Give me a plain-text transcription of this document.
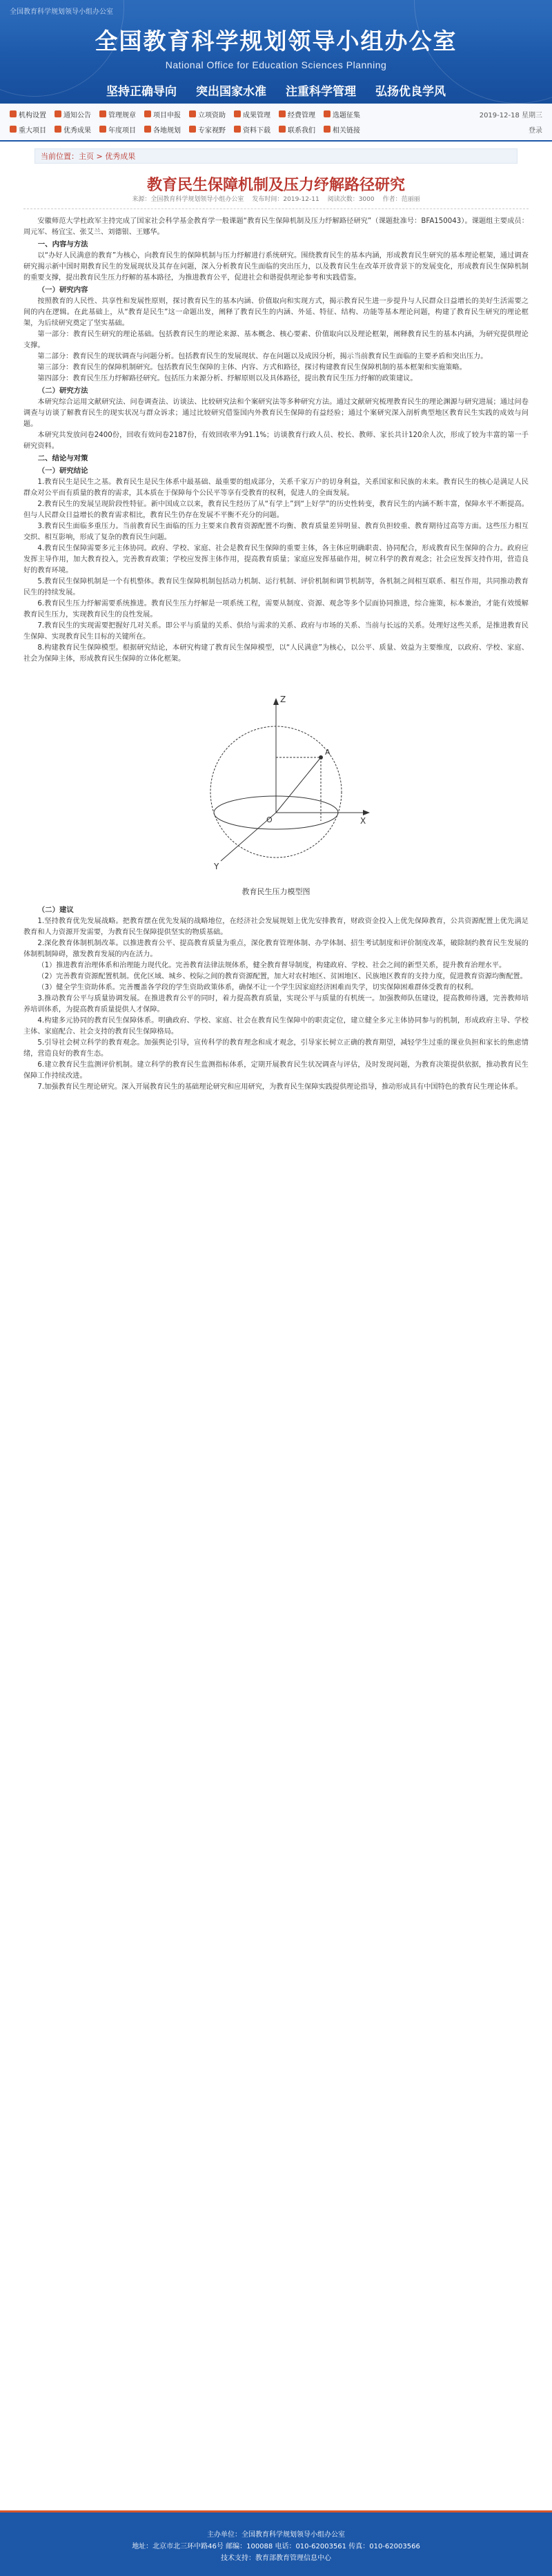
全国教育科学规划领导小组办公室
全国教育科学规划领导小组办公室
National Office for Education Sciences Planning
坚持正确导向 突出国家水准 注重科学管理 弘扬优良学风
机构设置	通知公告	管理规章	项目申报	立项资助	成果管理	经费管理	选题征集	2019-12-18 星期三
重大项目	优秀成果	年度项目	各地规划	专家视野	资料下载	联系我们	相关链接	登录
当前位置：主页 > 优秀成果
教育民生保障机制及压力纾解路径研究
来源：全国教育科学规划领导小组办公室 发布时间：2019-12-11 阅读次数：3000 作者：范丽丽
安徽师范大学杜政军主持完成了国家社会科学基金教育学一般课题“教育民生保障机制及压力纾解路径研究”（课题批准号：BFA150043）。课题组主要成员：周元军、杨宜宝、张艾兰、刘德银、王娜华。
一、内容与方法
以“办好人民满意的教育”为核心，向教育民生的保障机制与压力纾解进行系统研究。围绕教育民生的基本内涵，形成教育民生研究的基本理论框架，通过调查研究揭示新中国时期教育民生的发展现状及其存在问题，深入分析教育民生面临的突出压力，以及教育民生在改革开放背景下的发展变化，形成教育民生保障机制的重要支撑，提出教育民生压力纾解的基本路径，为推进教育公平，促进社会和谐提供理论参考和实践借鉴。
（一）研究内容
按照教育的人民性、共享性和发展性原则，探讨教育民生的基本内涵、价值取向和实现方式，揭示教育民生进一步提升与人民群众日益增长的美好生活需要之间的内在逻辑。在此基础上，从“教育是民生”这一命题出发，阐释了教育民生的内涵、外延、特征、结构、功能等基本理论问题，构建了教育民生研究的理论框架，为后续研究奠定了坚实基础。
第一部分：教育民生研究的理论基础。包括教育民生的理论来源、基本概念、核心要素、价值取向以及理论框架，阐释教育民生的基本内涵，为研究提供理论支撑。
第二部分：教育民生的现状调查与问题分析。包括教育民生的发展现状、存在问题以及成因分析，揭示当前教育民生面临的主要矛盾和突出压力。
第三部分：教育民生的保障机制研究。包括教育民生保障的主体、内容、方式和路径，探讨构建教育民生保障机制的基本框架和实施策略。
第四部分：教育民生压力纾解路径研究。包括压力来源分析、纾解原则以及具体路径，提出教育民生压力纾解的政策建议。
（二）研究方法
本研究综合运用文献研究法、问卷调查法、访谈法、比较研究法和个案研究法等多种研究方法。通过文献研究梳理教育民生的理论渊源与研究进展；通过问卷调查与访谈了解教育民生的现实状况与群众诉求；通过比较研究借鉴国内外教育民生保障的有益经验；通过个案研究深入剖析典型地区教育民生实践的成效与问题。
本研究共发放问卷2400份，回收有效问卷2187份，有效回收率为91.1%；访谈教育行政人员、校长、教师、家长共计120余人次，形成了较为丰富的第一手研究资料。
二、结论与对策
（一）研究结论
1.教育民生是民生之基。教育民生是民生体系中最基础、最重要的组成部分，关系千家万户的切身利益，关系国家和民族的未来。教育民生的核心是满足人民群众对公平而有质量的教育的需求，其本质在于保障每个公民平等享有受教育的权利，促进人的全面发展。
2.教育民生的发展呈现阶段性特征。新中国成立以来，教育民生经历了从“有学上”到“上好学”的历史性转变，教育民生的内涵不断丰富，保障水平不断提高。但与人民群众日益增长的教育需求相比，教育民生仍存在发展不平衡不充分的问题。
3.教育民生面临多重压力。当前教育民生面临的压力主要来自教育资源配置不均衡、教育质量差异明显、教育负担较重、教育期待过高等方面。这些压力相互交织、相互影响，形成了复杂的教育民生问题。
4.教育民生保障需要多元主体协同。政府、学校、家庭、社会是教育民生保障的重要主体，各主体应明确职责、协同配合，形成教育民生保障的合力。政府应发挥主导作用，加大教育投入，完善教育政策；学校应发挥主体作用，提高教育质量；家庭应发挥基础作用，树立科学的教育观念；社会应发挥支持作用，营造良好的教育环境。
5.教育民生保障机制是一个有机整体。教育民生保障机制包括动力机制、运行机制、评价机制和调节机制等，各机制之间相互联系、相互作用，共同推动教育民生的持续发展。
6.教育民生压力纾解需要系统推进。教育民生压力纾解是一项系统工程，需要从制度、资源、观念等多个层面协同推进，综合施策，标本兼治，才能有效缓解教育民生压力，实现教育民生的良性发展。
7.教育民生的实现需要把握好几对关系。即公平与质量的关系、供给与需求的关系、政府与市场的关系、当前与长远的关系。处理好这些关系，是推进教育民生保障、实现教育民生目标的关键所在。
8.构建教育民生保障模型。根据研究结论，本研究构建了教育民生保障模型，以“人民满意”为核心，以公平、质量、效益为主要维度，以政府、学校、家庭、社会为保障主体，形成教育民生保障的立体化框架。
Z
X
Y
O
A
教育民生压力模型图
（二）建议
1.坚持教育优先发展战略。把教育摆在优先发展的战略地位，在经济社会发展规划上优先安排教育，财政资金投入上优先保障教育，公共资源配置上优先满足教育和人力资源开发需要，为教育民生保障提供坚实的物质基础。
2.深化教育体制机制改革。以推进教育公平、提高教育质量为重点，深化教育管理体制、办学体制、招生考试制度和评价制度改革，破除制约教育民生发展的体制机制障碍，激发教育发展的内在活力。
（1）推进教育治理体系和治理能力现代化。完善教育法律法规体系，健全教育督导制度，构建政府、学校、社会之间的新型关系，提升教育治理水平。
（2）完善教育资源配置机制。优化区域、城乡、校际之间的教育资源配置，加大对农村地区、贫困地区、民族地区教育的支持力度，促进教育资源均衡配置。
（3）健全学生资助体系。完善覆盖各学段的学生资助政策体系，确保不让一个学生因家庭经济困难而失学，切实保障困难群体受教育的权利。
3.推动教育公平与质量协调发展。在推进教育公平的同时，着力提高教育质量，实现公平与质量的有机统一。加强教师队伍建设，提高教师待遇，完善教师培养培训体系，为提高教育质量提供人才保障。
4.构建多元协同的教育民生保障体系。明确政府、学校、家庭、社会在教育民生保障中的职责定位，建立健全多元主体协同参与的机制，形成政府主导、学校主体、家庭配合、社会支持的教育民生保障格局。
5.引导社会树立科学的教育观念。加强舆论引导，宣传科学的教育理念和成才观念，引导家长树立正确的教育期望，减轻学生过重的课业负担和家长的焦虑情绪，营造良好的教育生态。
6.建立教育民生监测评价机制。建立科学的教育民生监测指标体系，定期开展教育民生状况调查与评估，及时发现问题，为教育决策提供依据，推动教育民生保障工作持续改进。
7.加强教育民生理论研究。深入开展教育民生的基础理论研究和应用研究，为教育民生保障实践提供理论指导，推动形成具有中国特色的教育民生理论体系。
主办单位：全国教育科学规划领导小组办公室
地址：北京市北三环中路46号 邮编：100088 电话：010-62003561 传真：010-62003566
技术支持：教育部教育管理信息中心
